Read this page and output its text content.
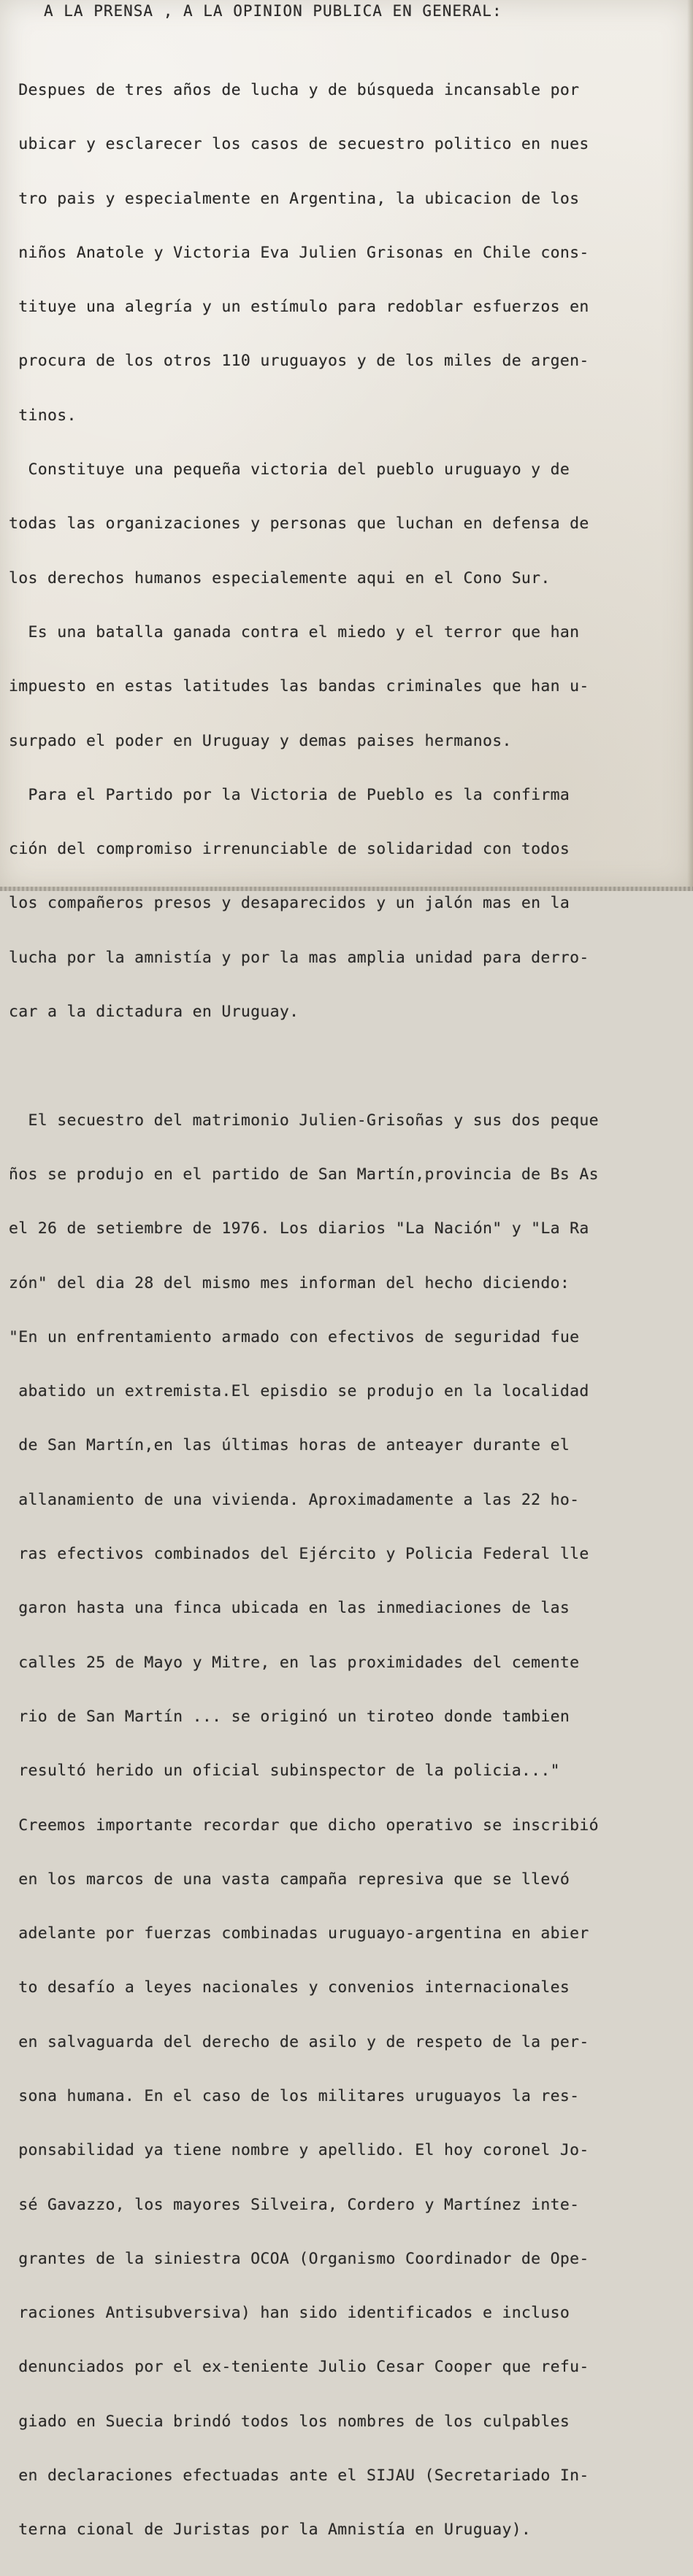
A LA PRENSA , A LA OPINION PUBLICA EN GENERAL:

Despues de tres años de lucha y de búsqueda incansable por

ubicar y esclarecer los casos de secuestro politico en nues

tro pais y especialmente en Argentina, la ubicacion de los

niños Anatole y Victoria Eva Julien Grisonas en Chile cons-

tituye una alegría y un estímulo para redoblar esfuerzos en

procura de los otros 110 uruguayos y de los miles de argen-

tinos.

Constituye una pequeña victoria del pueblo uruguayo y de

todas las organizaciones y personas que luchan en defensa de

los derechos humanos especialemente aqui en el Cono Sur.

Es una batalla ganada contra el miedo y el terror que han

impuesto en estas latitudes las bandas criminales que han u-

surpado el poder en Uruguay y demas paises hermanos.

Para el Partido por la Victoria de Pueblo es la confirma

ción del compromiso irrenunciable de solidaridad con todos

los compañeros presos y desaparecidos y un jalón mas en la

lucha por la amnistía y por la mas amplia unidad para derro-

car a la dictadura en Uruguay.

El secuestro del matrimonio Julien-Grisoñas y sus dos peque

ños se produjo en el partido de San Martín,provincia de Bs As

el 26 de setiembre de 1976. Los diarios "La Nación" y "La Ra

zón" del dia 28 del mismo mes informan del hecho diciendo:

"En un enfrentamiento armado con efectivos de seguridad fue

abatido un extremista.El episdio se produjo en la localidad

de San Martín,en las últimas horas de anteayer durante el

allanamiento de una vivienda. Aproximadamente a las 22 ho-

ras efectivos combinados del Ejército y Policia Federal lle

garon hasta una finca ubicada en las inmediaciones de las

calles 25 de Mayo y Mitre, en las proximidades del cemente

rio de San Martín ... se originó un tiroteo donde tambien

resultó herido un oficial subinspector de la policia..."

Creemos importante recordar que dicho operativo se inscribió

en los marcos de una vasta campaña represiva que se llevó

adelante por fuerzas combinadas uruguayo-argentina en abier

to desafío a leyes nacionales y convenios internacionales

en salvaguarda del derecho de asilo y de respeto de la per-

sona humana. En el caso de los militares uruguayos la res-

ponsabilidad ya tiene nombre y apellido. El hoy coronel Jo-

sé Gavazzo, los mayores Silveira, Cordero y Martínez inte-

grantes de la siniestra OCOA (Organismo Coordinador de Ope-

raciones Antisubversiva) han sido identificados e incluso

denunciados por el ex-teniente Julio Cesar Cooper que refu-

giado en Suecia brindó todos los nombres de los culpables

en declaraciones efectuadas ante el SIJAU (Secretariado In-

terna cional de Juristas por la Amnistía en Uruguay).
